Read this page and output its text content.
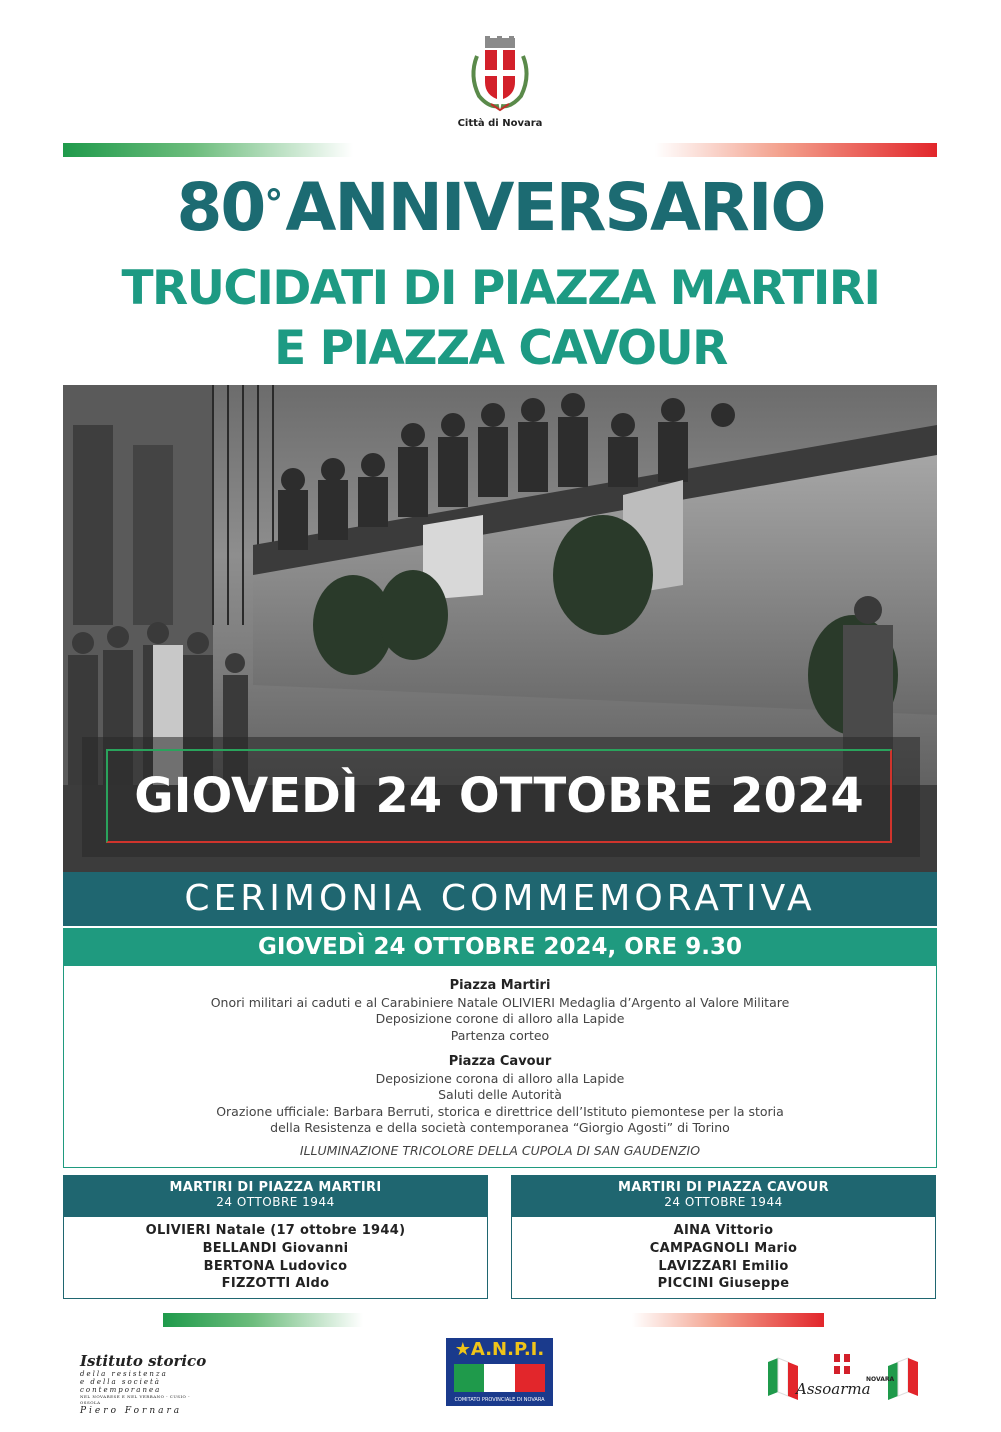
Città di Novara
80°ANNIVERSARIO
TRUCIDATI DI PIAZZA MARTIRI
E PIAZZA CAVOUR
GIOVEDÌ 24 OTTOBRE 2024
CERIMONIA COMMEMORATIVA
GIOVEDÌ 24 OTTOBRE 2024, ORE 9.30
Piazza Martiri
Onori militari ai caduti e al Carabiniere Natale OLIVIERI Medaglia d’Argento al Valore Militare
Deposizione corone di alloro alla Lapide
Partenza corteo
Piazza Cavour
Deposizione corona di alloro alla Lapide
Saluti delle Autorità
Orazione ufficiale: Barbara Berruti, storica e direttrice dell’Istituto piemontese per la storia
della Resistenza e della società contemporanea “Giorgio Agosti” di Torino
ILLUMINAZIONE TRICOLORE DELLA CUPOLA DI SAN GAUDENZIO
MARTIRI DI PIAZZA MARTIRI
24 OTTOBRE 1944
OLIVIERI Natale (17 ottobre 1944)
BELLANDI Giovanni
BERTONA Ludovico
FIZZOTTI Aldo
MARTIRI DI PIAZZA CAVOUR
24 OTTOBRE 1944
AINA Vittorio
CAMPAGNOLI Mario
LAVIZZARI Emilio
PICCINI Giuseppe
Istituto storico
della resistenza
e della società contemporanea
NEL NOVARESE E NEL VERBANO - CUSIO - OSSOLA
Piero Fornara
★A.N.P.I.
COMITATO PROVINCIALE DI NOVARA
NOVARA
Assoarma
